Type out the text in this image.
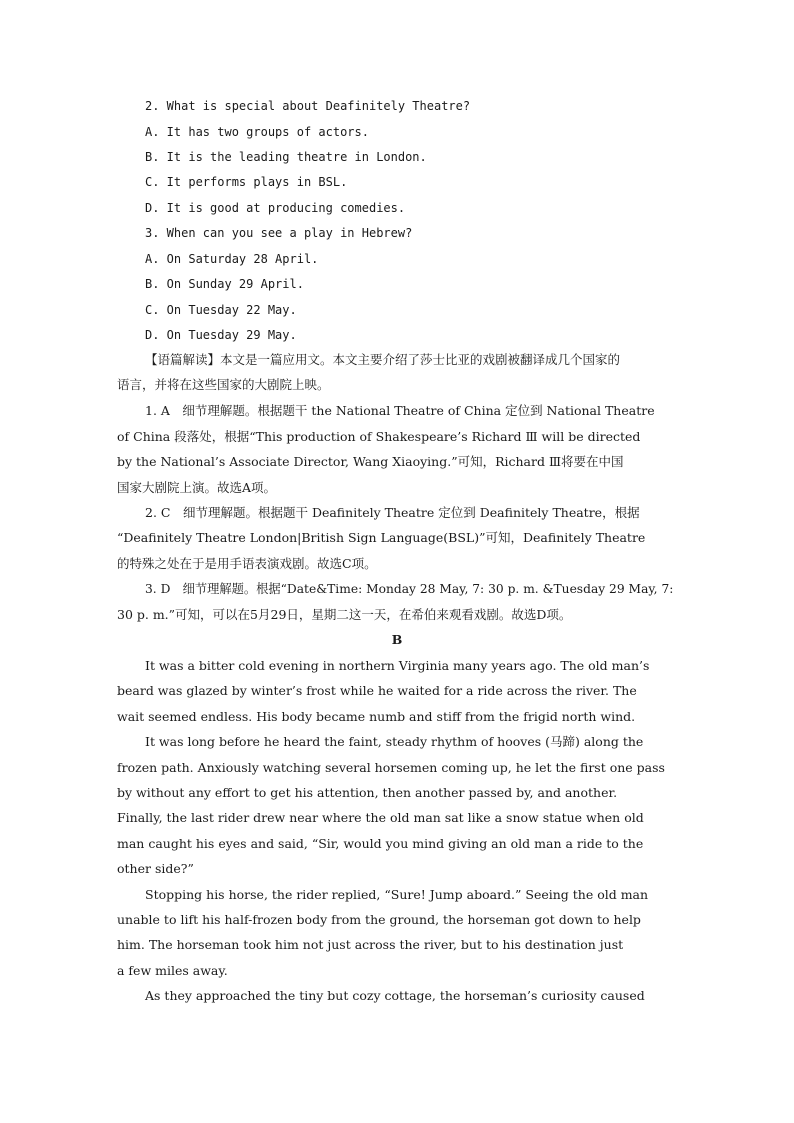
2. What is special about Deafinitely Theatre?
A. It has two groups of actors.
B. It is the leading theatre in London.
C. It performs plays in BSL.
D. It is good at producing comedies.
3. When can you see a play in Hebrew?
A. On Saturday 28 April.
B. On Sunday 29 April.
C. On Tuesday 22 May.
D. On Tuesday 29 May.
【语篇解读】本文是一篇应用文。本文主要介绍了莎士比亚的戏剧被翻译成几个国家的
语言，并将在这些国家的大剧院上映。
1. A　细节理解题。根据题干 the National Theatre of China 定位到 National Theatre
of China 段落处，根据“This production of Shakespeare’s Richard Ⅲ will be directed
by the National’s Associate Director, Wang Xiaoying.”可知，Richard Ⅲ将要在中国
国家大剧院上演。故选A项。
2. C　细节理解题。根据题干 Deafinitely Theatre 定位到 Deafinitely Theatre，根据
“Deafinitely Theatre London|British Sign Language(BSL)”可知，Deafinitely Theatre
的特殊之处在于是用手语表演戏剧。故选C项。
3. D　细节理解题。根据“Date&Time: Monday 28 May, 7: 30 p. m. &Tuesday 29 May, 7:
30 p. m.”可知，可以在5月29日，星期二这一天，在希伯来观看戏剧。故选D项。
B
It was a bitter cold evening in northern Virginia many years ago. The old man’s
beard was glazed by winter’s frost while he waited for a ride across the river. The
wait seemed endless. His body became numb and stiff from the frigid north wind.
It was long before he heard the faint, steady rhythm of hooves (马蹄) along the
frozen path. Anxiously watching several horsemen coming up, he let the first one pass
by without any effort to get his attention, then another passed by, and another.
Finally, the last rider drew near where the old man sat like a snow statue when old
man caught his eyes and said, “Sir, would you mind giving an old man a ride to the
other side?”
Stopping his horse, the rider replied, “Sure! Jump aboard.” Seeing the old man
unable to lift his half-frozen body from the ground, the horseman got down to help
him. The horseman took him not just across the river, but to his destination just
a few miles away.
As they approached the tiny but cozy cottage, the horseman’s curiosity caused
